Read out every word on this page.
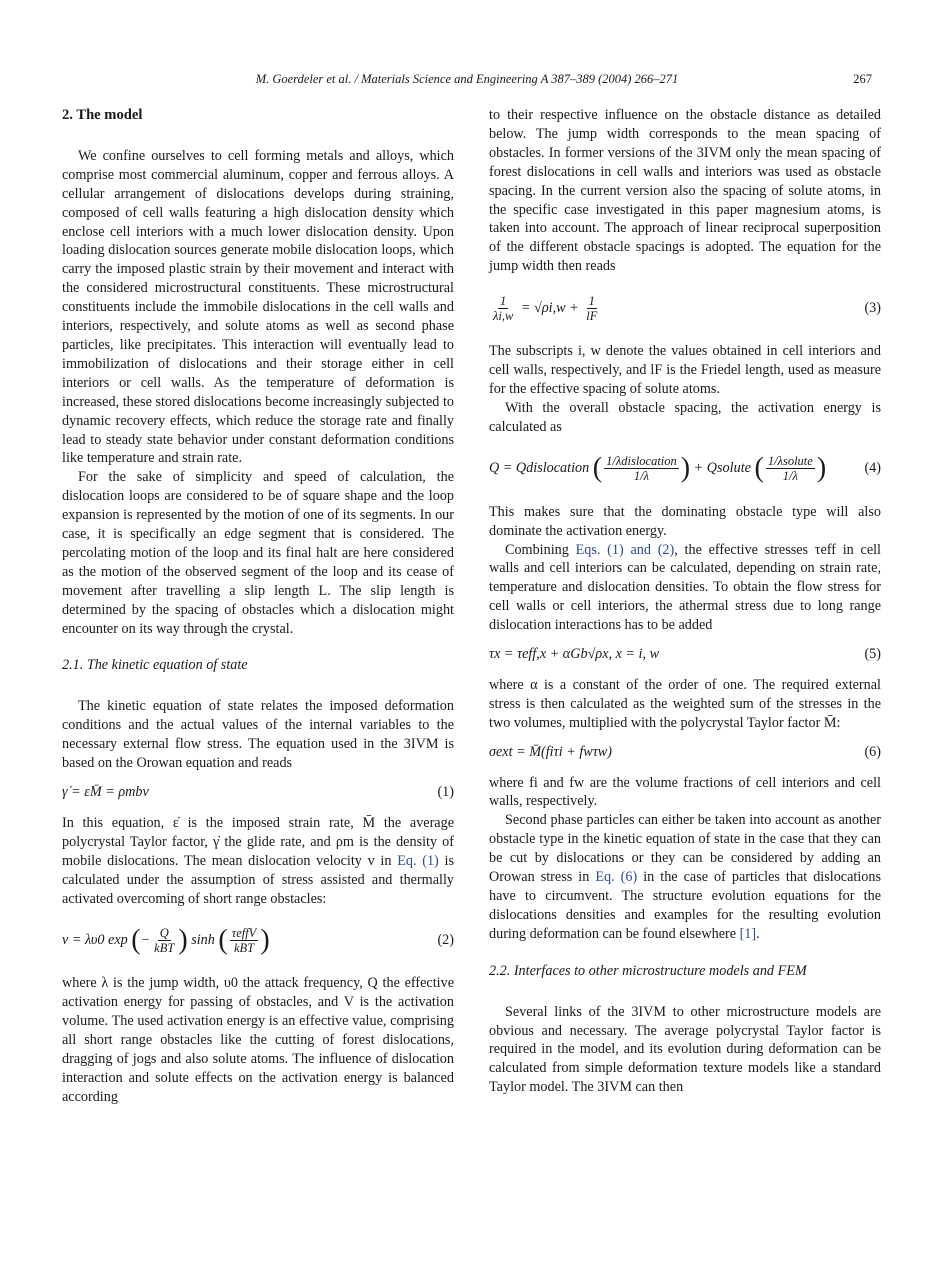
M. Goerdeler et al. / Materials Science and Engineering A 387–389 (2004) 266–271	267
2. The model

We confine ourselves to cell forming metals and alloys, which comprise most commercial aluminum, copper and ferrous alloys. A cellular arrangement of dislocations develops during straining, composed of cell walls featuring a high dislocation density which enclose cell interiors with a much lower dislocation density. Upon loading dislocation sources generate mobile dislocation loops, which carry the imposed plastic strain by their movement and interact with the considered microstructural constituents. These microstructural constituents include the immobile dislocations in the cell walls and interiors, respectively, and solute atoms as well as second phase particles, like precipitates. This interaction will eventually lead to immobilization of dislocations and their storage either in cell interiors or cell walls. As the temperature of deformation is increased, these stored dislocations become increasingly subjected to dynamic recovery effects, which reduce the storage rate and finally lead to steady state behavior under constant deformation conditions like temperature and strain rate.

For the sake of simplicity and speed of calculation, the dislocation loops are considered to be of square shape and the loop expansion is represented by the motion of one of its segments. In our case, it is specifically an edge segment that is considered. The percolating motion of the loop and its final halt are here considered as the motion of the observed segment of the loop and its cease of movement after travelling a slip length L. The slip length is determined by the spacing of obstacles which a dislocation might encounter on its way through the crystal.

2.1. The kinetic equation of state

The kinetic equation of state relates the imposed deformation conditions and the actual values of the internal variables to the necessary external flow stress. The equation used in the 3IVM is based on the Orowan equation and reads

γ̇ = ε̇M̄ = ρmbv	(1)

In this equation, ε̇ is the imposed strain rate, M̄ the average polycrystal Taylor factor, γ̇ the glide rate, and ρm is the density of mobile dislocations. The mean dislocation velocity v in Eq. (1) is calculated under the assumption of stress assisted and thermally activated overcoming of short range obstacles:

v = λυ0 exp (− $\frac{Q}{\text{kBT}}$ ) sinh ( $\frac{\text{τeffV}}{\text{kBT}}$ )	(2)

where λ is the jump width, υ0 the attack frequency, Q the effective activation energy for passing of obstacles, and V is the activation volume. The used activation energy is an effective value, comprising all short range obstacles like the cutting of forest dislocations, dragging of jogs and also solute atoms. The influence of dislocation interaction and solute effects on the activation energy is balanced according

to their respective influence on the obstacle distance as detailed below. The jump width corresponds to the mean spacing of obstacles. In former versions of the 3IVM only the mean spacing of forest dislocations in cell walls and interiors was used as obstacle spacing. In the current version also the spacing of solute atoms, in the specific case investigated in this paper magnesium atoms, is taken into account. The approach of linear reciprocal superposition of the different obstacle spacings is adopted. The equation for the jump width then reads

$\frac{1}{\lambda i,w} = √\rho i,w + \frac{1}{lF}$	(3)

The subscripts i, w denote the values obtained in cell interiors and cell walls, respectively, and lF is the Friedel length, used as measure for the effective spacing of solute atoms.

With the overall obstacle spacing, the activation energy is calculated as

Q = Qdislocation ( $\frac{\text{1/λdislocation}}{1/\lambda}$ ) + Qsolute ( $\frac{\text{1/λsolute}}{1/\lambda}$ )	(4)

This makes sure that the dominating obstacle type will also dominate the activation energy.

Combining Eqs. (1) and (2), the effective stresses τeff in cell walls and cell interiors can be calculated, depending on strain rate, temperature and dislocation densities. To obtain the flow stress for cell walls or cell interiors, the athermal stress due to long range dislocation interactions has to be added

τx = τeff,x + αGb√ρx, x = i, w	(5)

where α is a constant of the order of one. The required external stress is then calculated as the weighted sum of the stresses in the two volumes, multiplied with the polycrystal Taylor factor M̄:

σext = M̄(fiτi + fwτw)	(6)

where fi and fw are the volume fractions of cell interiors and cell walls, respectively.

Second phase particles can either be taken into account as another obstacle type in the kinetic equation of state in the case that they can be cut by dislocations or they can be considered by adding an Orowan stress in Eq. (6) in the case of particles that dislocations have to circumvent. The structure evolution equations for the dislocations densities and examples for the resulting evolution during deformation can be found elsewhere [1].

2.2. Interfaces to other microstructure models and FEM

Several links of the 3IVM to other microstructure models are obvious and necessary. The average polycrystal Taylor factor is required in the model, and its evolution during deformation can be calculated from simple deformation texture models like a standard Taylor model. The 3IVM can then
